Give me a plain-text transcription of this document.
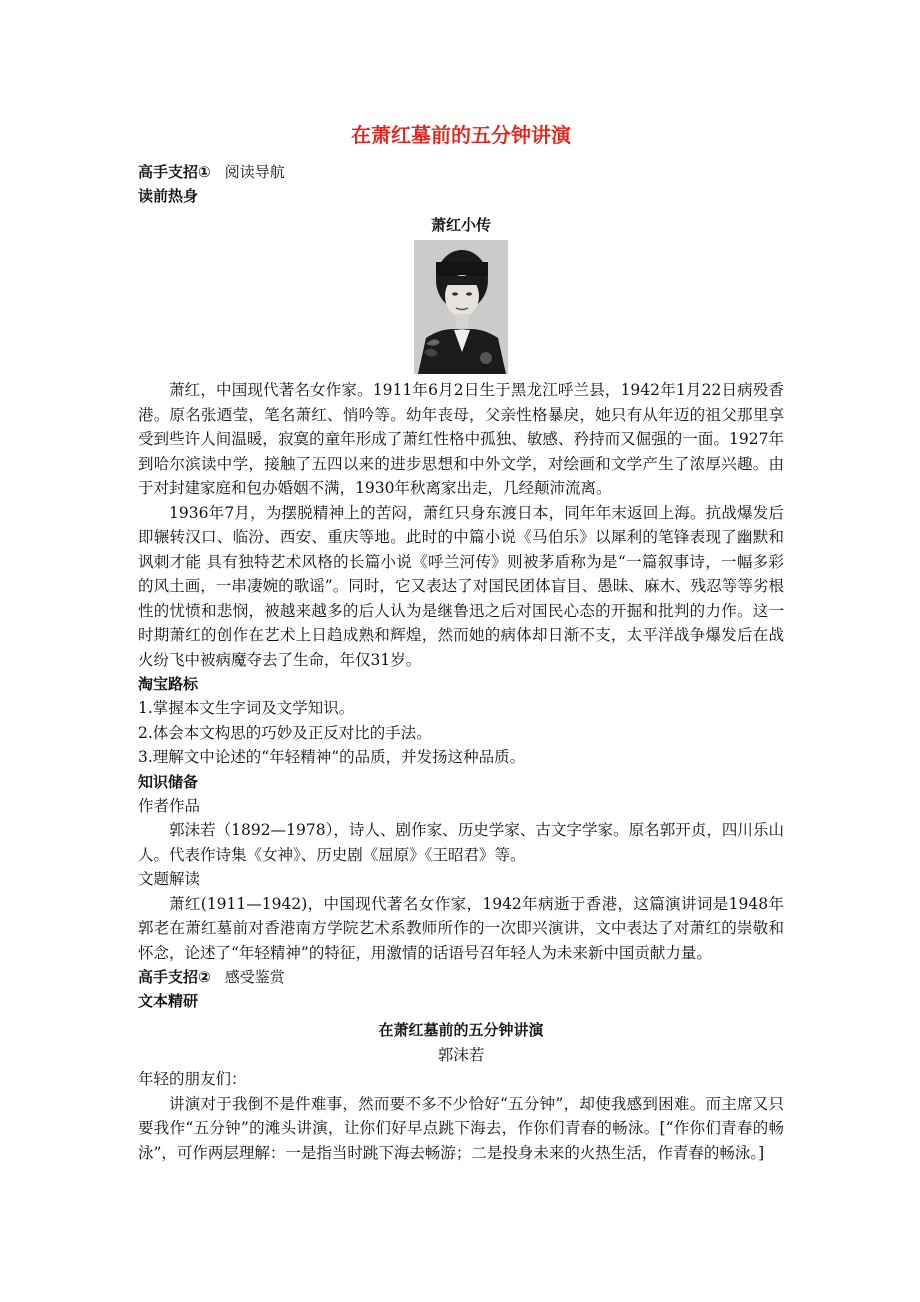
在萧红墓前的五分钟讲演
高手支招① 阅读导航
读前热身
萧红小传

萧红，中国现代著名女作家。1911年6月2日生于黑龙江呼兰县，1942年1月22日病殁香港。原名张迺莹，笔名萧红、悄吟等。幼年丧母，父亲性格暴戾，她只有从年迈的祖父那里享受到些许人间温暖，寂寞的童年形成了萧红性格中孤独、敏感、矜持而又倔强的一面。1927年到哈尔滨读中学，接触了五四以来的进步思想和中外文学，对绘画和文学产生了浓厚兴趣。由于对封建家庭和包办婚姻不满，1930年秋离家出走，几经颠沛流离。

1936年7月，为摆脱精神上的苦闷，萧红只身东渡日本，同年年末返回上海。抗战爆发后即辗转汉口、临汾、西安、重庆等地。此时的中篇小说《马伯乐》以犀利的笔锋表现了幽默和讽刺才能 具有独特艺术风格的长篇小说《呼兰河传》则被茅盾称为是“一篇叙事诗，一幅多彩的风土画，一串凄婉的歌谣”。同时，它又表达了对国民团体盲目、愚昧、麻木、残忍等等劣根性的忧愤和悲悯，被越来越多的后人认为是继鲁迅之后对国民心态的开掘和批判的力作。这一时期萧红的创作在艺术上日趋成熟和辉煌，然而她的病体却日渐不支，太平洋战争爆发后在战火纷飞中被病魔夺去了生命，年仅31岁。

淘宝路标
1.掌握本文生字词及文学知识。
2.体会本文构思的巧妙及正反对比的手法。
3.理解文中论述的“年轻精神”的品质，并发扬这种品质。
知识储备
作者作品

郭沫若（1892—1978），诗人、剧作家、历史学家、古文字学家。原名郭开贞，四川乐山人。代表作诗集《女神》、历史剧《屈原》《王昭君》等。

文题解读

萧红(1911—1942)，中国现代著名女作家，1942年病逝于香港，这篇演讲词是1948年郭老在萧红墓前对香港南方学院艺术系教师所作的一次即兴演讲，文中表达了对萧红的崇敬和怀念，论述了“年轻精神”的特征，用激情的话语号召年轻人为未来新中国贡献力量。

高手支招② 感受鉴赏
文本精研
在萧红墓前的五分钟讲演
郭沫若
年轻的朋友们：

讲演对于我倒不是件难事，然而要不多不少恰好“五分钟”，却使我感到困难。而主席又只要我作“五分钟”的滩头讲演，让你们好早点跳下海去，作你们青春的畅泳。[“作你们青春的畅泳”，可作两层理解：一是指当时跳下海去畅游；二是投身未来的火热生活，作青春的畅泳。]
